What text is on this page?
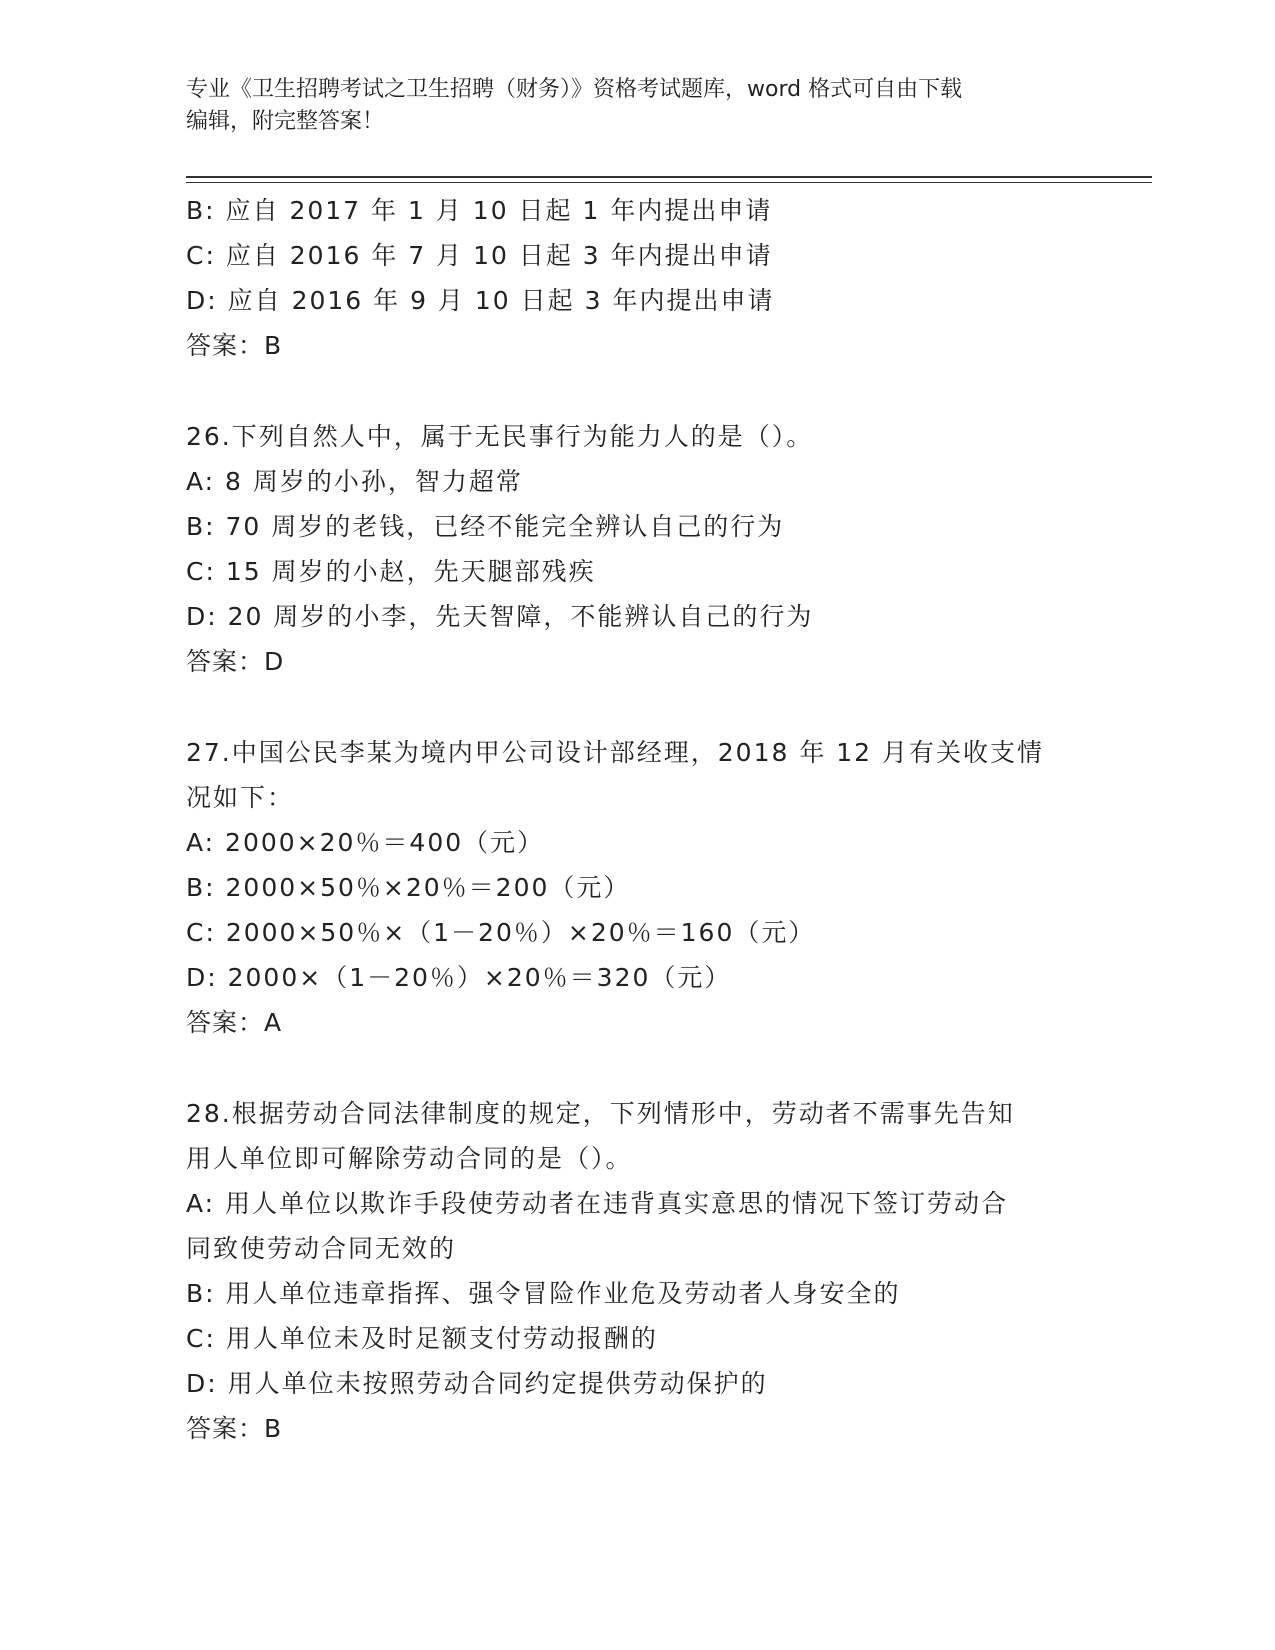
专业《卫生招聘考试之卫生招聘（财务）》资格考试题库，word 格式可自由下载
编辑，附完整答案！
B: 应自 2017 年 1 月 10 日起 1 年内提出申请
C: 应自 2016 年 7 月 10 日起 3 年内提出申请
D: 应自 2016 年 9 月 10 日起 3 年内提出申请
答案：B
26.下列自然人中，属于无民事行为能力人的是（）。
A: 8 周岁的小孙，智力超常
B: 70 周岁的老钱，已经不能完全辨认自己的行为
C: 15 周岁的小赵，先天腿部残疾
D: 20 周岁的小李，先天智障，不能辨认自己的行为
答案：D
27.中国公民李某为境内甲公司设计部经理，2018 年 12 月有关收支情
况如下：
A: 2000×20％＝400（元）
B: 2000×50％×20％＝200（元）
C: 2000×50％×（1－20％）×20％＝160（元）
D: 2000×（1－20％）×20％＝320（元）
答案：A
28.根据劳动合同法律制度的规定，下列情形中，劳动者不需事先告知
用人单位即可解除劳动合同的是（）。
A: 用人单位以欺诈手段使劳动者在违背真实意思的情况下签订劳动合
同致使劳动合同无效的
B: 用人单位违章指挥、强令冒险作业危及劳动者人身安全的
C: 用人单位未及时足额支付劳动报酬的
D: 用人单位未按照劳动合同约定提供劳动保护的
答案：B
